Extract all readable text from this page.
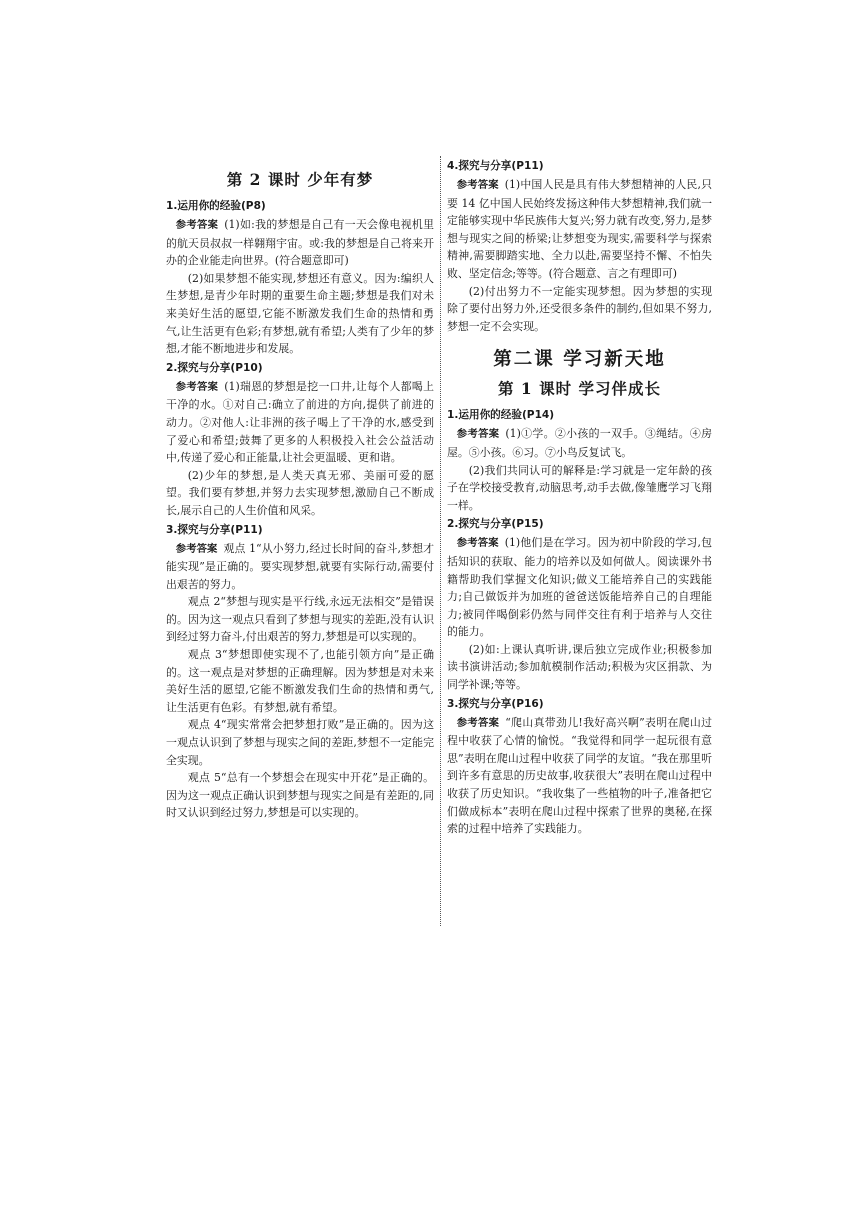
第 2 课时 少年有梦
1.运用你的经验(P8)

参考答案 (1)如:我的梦想是自己有一天会像电视机里的航天员叔叔一样翱翔宇宙。或:我的梦想是自己将来开办的企业能走向世界。(符合题意即可)

(2)如果梦想不能实现,梦想还有意义。因为:编织人生梦想,是青少年时期的重要生命主题;梦想是我们对未来美好生活的愿望,它能不断激发我们生命的热情和勇气,让生活更有色彩;有梦想,就有希望;人类有了少年的梦想,才能不断地进步和发展。

2.探究与分享(P10)

参考答案 (1)瑞恩的梦想是挖一口井,让每个人都喝上干净的水。①对自己:确立了前进的方向,提供了前进的动力。②对他人:让非洲的孩子喝上了干净的水,感受到了爱心和希望;鼓舞了更多的人积极投入社会公益活动中,传递了爱心和正能量,让社会更温暖、更和谐。

(2)少年的梦想,是人类天真无邪、美丽可爱的愿望。我们要有梦想,并努力去实现梦想,激励自己不断成长,展示自己的人生价值和风采。

3.探究与分享(P11)

参考答案 观点 1“从小努力,经过长时间的奋斗,梦想才能实现”是正确的。要实现梦想,就要有实际行动,需要付出艰苦的努力。

观点 2“梦想与现实是平行线,永远无法相交”是错误的。因为这一观点只看到了梦想与现实的差距,没有认识到经过努力奋斗,付出艰苦的努力,梦想是可以实现的。

观点 3“梦想即使实现不了,也能引领方向”是正确的。这一观点是对梦想的正确理解。因为梦想是对未来美好生活的愿望,它能不断激发我们生命的热情和勇气,让生活更有色彩。有梦想,就有希望。

观点 4“现实常常会把梦想打败”是正确的。因为这一观点认识到了梦想与现实之间的差距,梦想不一定能完全实现。

观点 5“总有一个梦想会在现实中开花”是正确的。因为这一观点正确认识到梦想与现实之间是有差距的,同时又认识到经过努力,梦想是可以实现的。

4.探究与分享(P11)

参考答案 (1)中国人民是具有伟大梦想精神的人民,只要 14 亿中国人民始终发扬这种伟大梦想精神,我们就一定能够实现中华民族伟大复兴;努力就有改变,努力,是梦想与现实之间的桥梁;让梦想变为现实,需要科学与探索精神,需要脚踏实地、全力以赴,需要坚持不懈、不怕失败、坚定信念;等等。(符合题意、言之有理即可)

(2)付出努力不一定能实现梦想。因为梦想的实现除了要付出努力外,还受很多条件的制约,但如果不努力,梦想一定不会实现。

第二课 学习新天地
第 1 课时 学习伴成长
1.运用你的经验(P14)

参考答案 (1)①学。②小孩的一双手。③绳结。④房屋。⑤小孩。⑥习。⑦小鸟反复试飞。

(2)我们共同认可的解释是:学习就是一定年龄的孩子在学校接受教育,动脑思考,动手去做,像雏鹰学习飞翔一样。

2.探究与分享(P15)

参考答案 (1)他们是在学习。因为初中阶段的学习,包括知识的获取、能力的培养以及如何做人。阅读课外书籍帮助我们掌握文化知识;做义工能培养自己的实践能力;自己做饭并为加班的爸爸送饭能培养自己的自理能力;被同伴喝倒彩仍然与同伴交往有利于培养与人交往的能力。

(2)如:上课认真听讲,课后独立完成作业;积极参加读书演讲活动;参加航模制作活动;积极为灾区捐款、为同学补课;等等。

3.探究与分享(P16)

参考答案 “爬山真带劲儿!我好高兴啊”表明在爬山过程中收获了心情的愉悦。“我觉得和同学一起玩很有意思”表明在爬山过程中收获了同学的友谊。“我在那里听到许多有意思的历史故事,收获很大”表明在爬山过程中收获了历史知识。“我收集了一些植物的叶子,准备把它们做成标本”表明在爬山过程中探索了世界的奥秘,在探索的过程中培养了实践能力。
